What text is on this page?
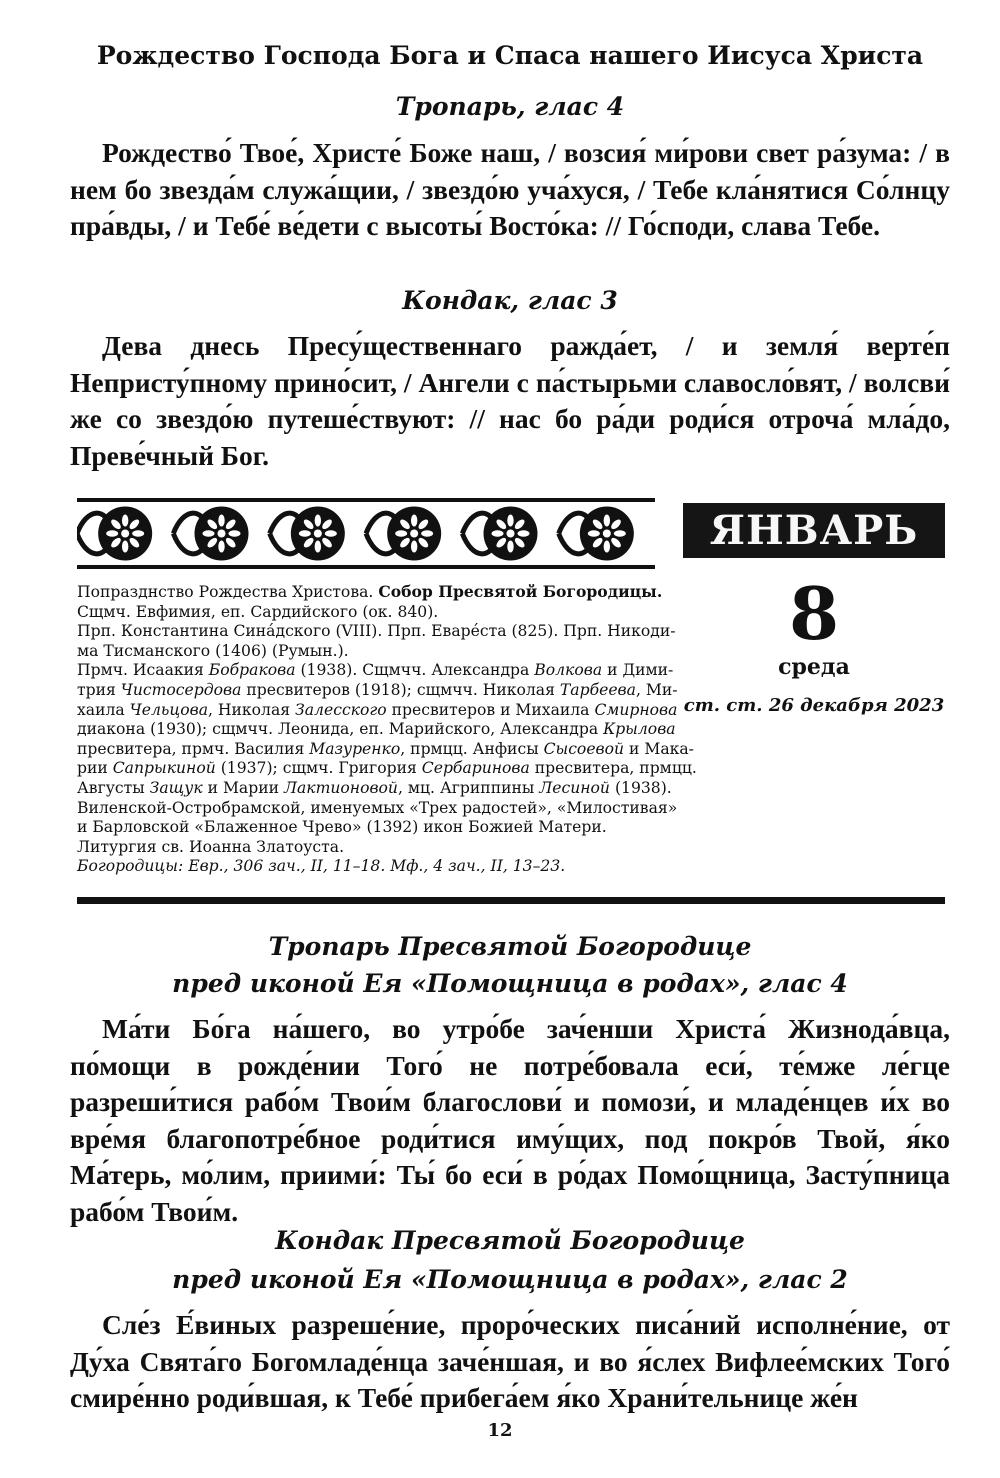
Рождество Господа Бога и Спаса нашего Иисуса Христа
Тропарь, глас 4
Рождество́ Твое́, Христе́ Боже наш, / возсия́ ми́рови свет ра́зума: / в нем бо звезда́м служа́щии, / звездо́ю уча́хуся, / Тебе кла́нятися Со́лнцу пра́вды, / и Тебе́ ве́дети с высоты́ Восто́ка: // Го́споди, слава Тебе.
Кондак, глас 3
Дева днесь Пресу́щественнаго pажда́ет, / и земля́ верте́п Непристу́пному прино́сит, / Ангели с па́стырьми славосло́вят, / волсви́ же со звездо́ю путеше́ствуют: // нас бо ра́ди роди́ся отроча́ мла́до, Преве́чный Бог.
Попразднство Рождества Христова. Собор Пресвятой Богородицы.
Сщмч. Евфимия, еп. Сардийского (ок. 840).
Прп. Константина Сина́дского (VIII). Прп. Еваре́ста (825). Прп. Никоди-
ма Тисманского (1406) (Румын.).
Прмч. Исаакия Бобракова (1938). Сщмчч. Александра Волкова и Дими-
трия Чистосердова пресвитеров (1918); сщмчч. Николая Тарбеева, Ми-
хаила Чельцова, Николая Залесского пресвитеров и Михаила Смирнова
диакона (1930); сщмчч. Леонида, еп. Марийского, Александра Крылова
пресвитера, прмч. Василия Мазуренко, прмцц. Анфисы Сысоевой и Макa-
рии Сапрыкиной (1937); сщмч. Григория Сербаринова пресвитера, прмцц.
Августы Защук и Марии Лактионовой, мц. Агриппины Лесиной (1938).
Виленской-Остробрамской, именуемых «Трех радостей», «Милостивая»
и Барловской «Блаженное Чрево» (1392) икон Божией Матери.
Литургия св. Иоанна Златоуста.
Богородицы: Евр., 306 зач., II, 11–18. Мф., 4 зач., II, 13–23.
ЯНВАРЬ
8
среда
ст. ст. 26 декабря 2023
Тропарь Пресвятой Богородице
пред иконой Ея «Помощница в родах», глас 4
Ма́ти Бо́га на́шего, во утро́бе зач́енши Христа́ Жизнода́вца, по́мощи в рожде́нии Того́ не потре́бовала еси́, те́мже ле́гце разреши́тися рабо́м Твои́м благослови́ и помози́, и младе́нцев и́х во вре́мя благопотре́бное роди́тися иму́щих, под покро́в Твой, я́ко Ма́терь, мо́лим, приими́: Ты́ бо еси́ в ро́дах Помо́щница, Засту́пница рабо́м Твои́м.
Кондак Пресвятой Богородице
пред иконой Ея «Помощница в родах», глас 2
Сле́з Е́виных разреше́ние, проро́ческих писа́ний исполне́ние, от Ду́ха Свята́го Богомладе́нца заче́ншая, и во я́слех Вифлее́мских Того́ смире́нно роди́вшая, к Тебе́ прибега́ем я́ко Храни́тельнице же́н
12
